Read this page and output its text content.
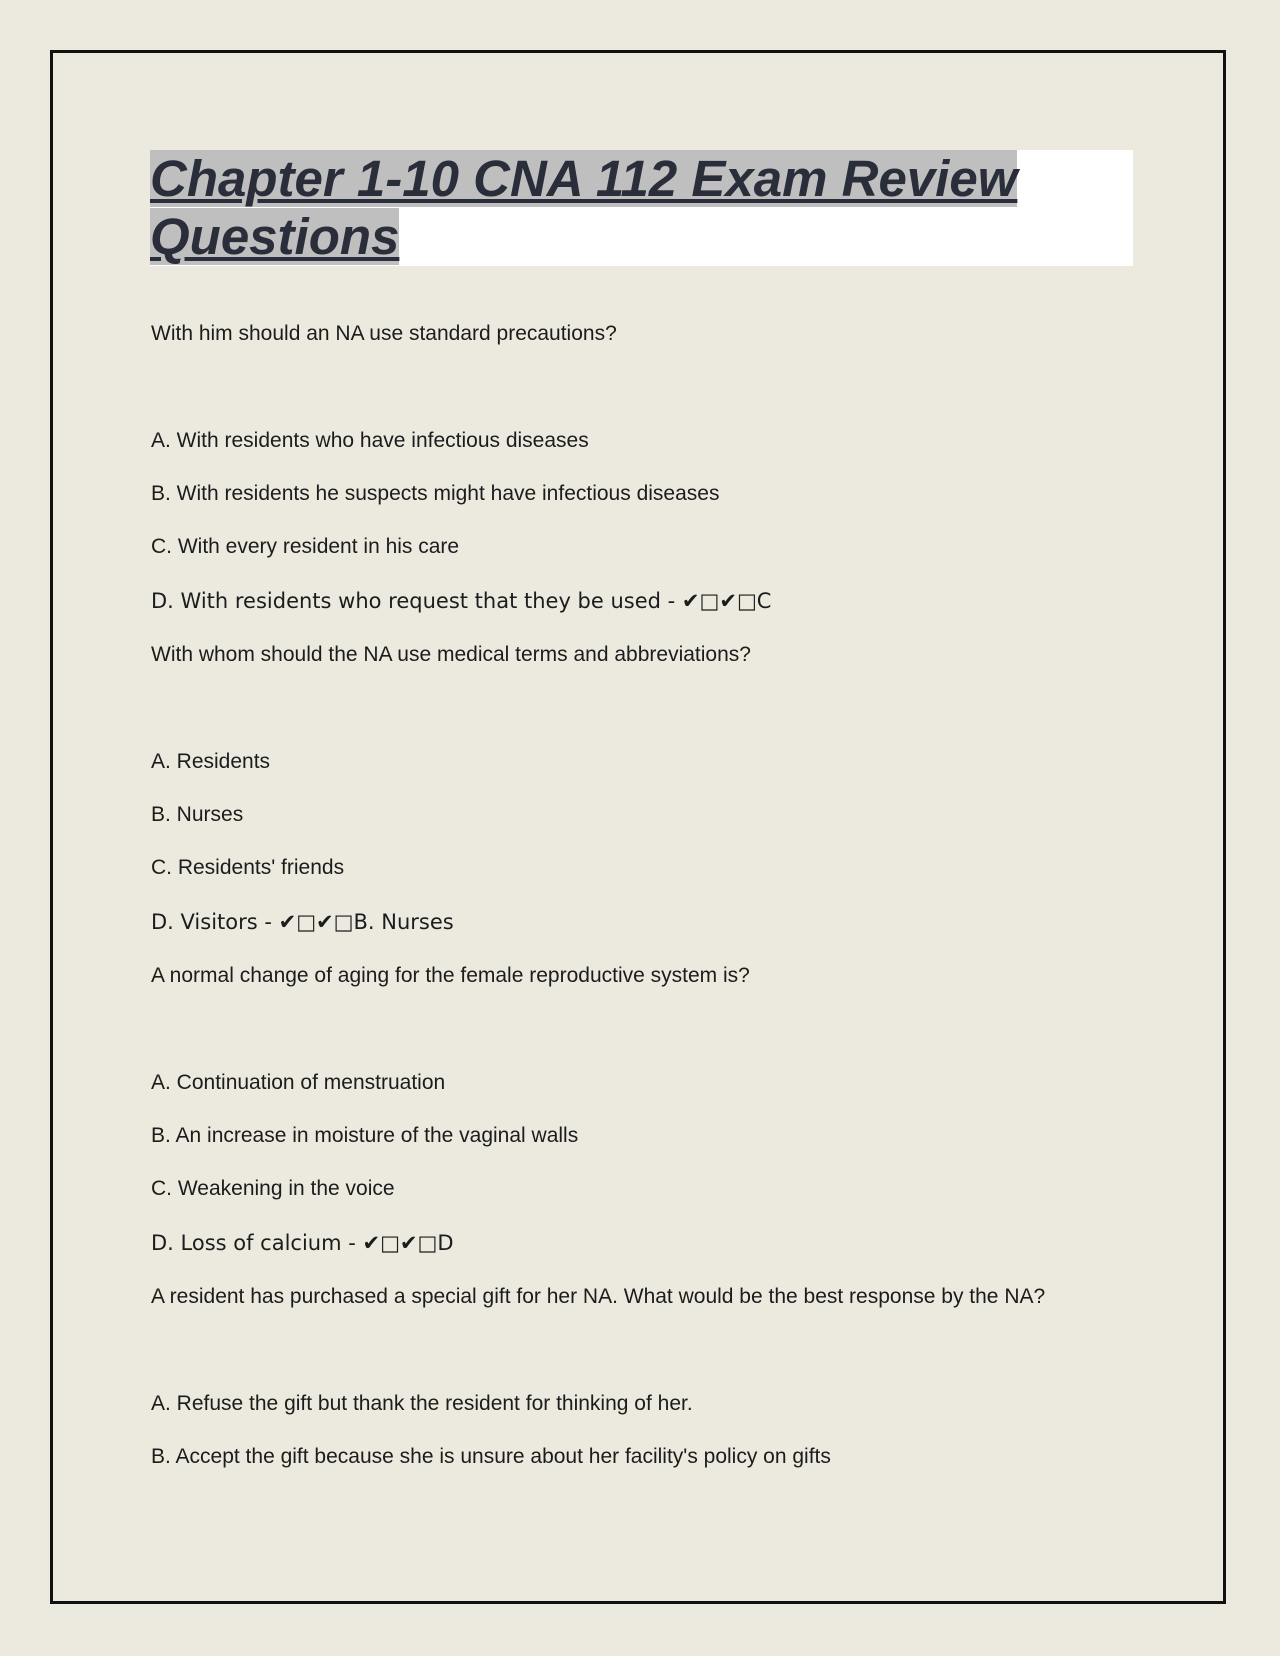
Chapter 1-10 CNA 112 Exam Review
Questions
With him should an NA use standard precautions?
A. With residents who have infectious diseases
B. With residents he suspects might have infectious diseases
C. With every resident in his care
D. With residents who request that they be used - ✔□✔□C
With whom should the NA use medical terms and abbreviations?
A. Residents
B. Nurses
C. Residents' friends
D. Visitors - ✔□✔□B. Nurses
A normal change of aging for the female reproductive system is?
A. Continuation of menstruation
B. An increase in moisture of the vaginal walls
C. Weakening in the voice
D. Loss of calcium - ✔□✔□D
A resident has purchased a special gift for her NA. What would be the best response by the NA?
A. Refuse the gift but thank the resident for thinking of her.
B. Accept the gift because she is unsure about her facility's policy on gifts
